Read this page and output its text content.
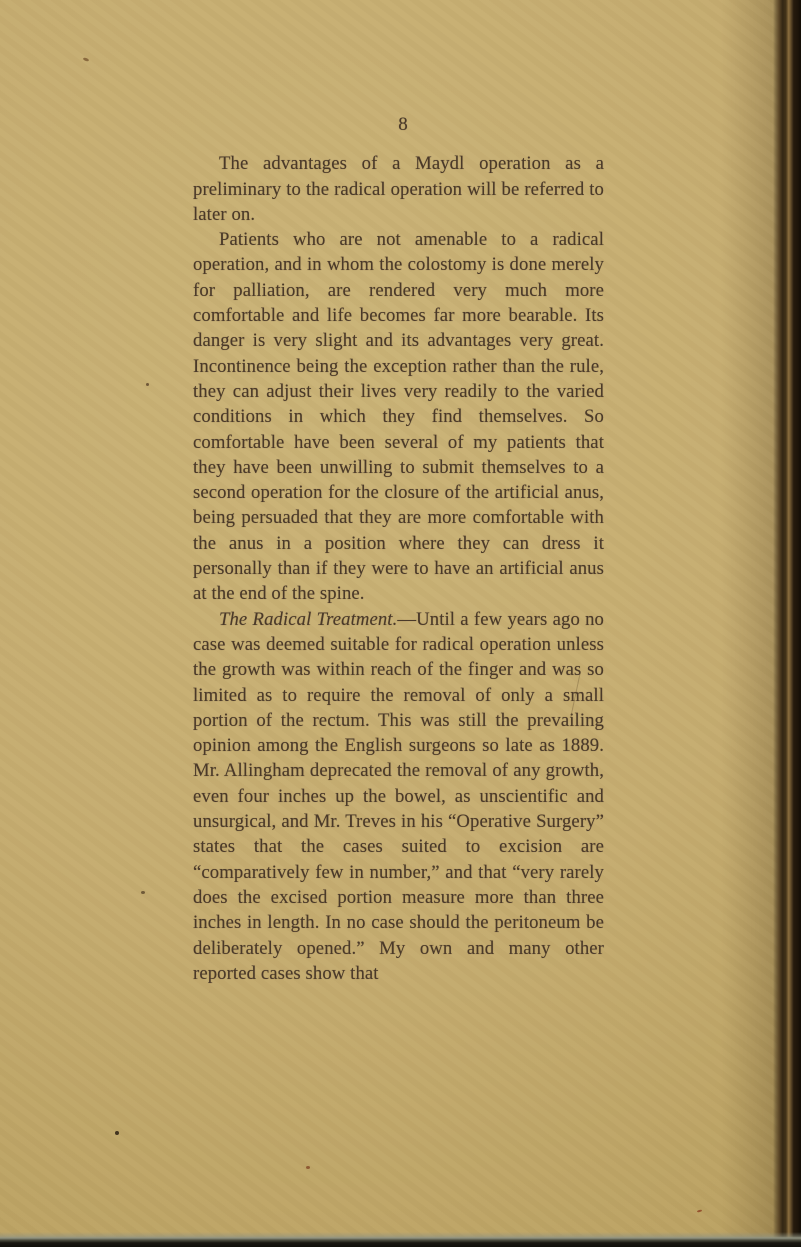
8

The advantages of a Maydl operation as a preliminary to the radical operation will be referred to later on.

Patients who are not amenable to a radical operation, and in whom the colostomy is done merely for palliation, are rendered very much more comfortable and life becomes far more bearable. Its danger is very slight and its advantages very great. Incontinence being the exception rather than the rule, they can adjust their lives very readily to the varied conditions in which they find themselves. So comfortable have been several of my patients that they have been unwilling to submit themselves to a second operation for the closure of the artificial anus, being persuaded that they are more comfortable with the anus in a position where they can dress it personally than if they were to have an artificial anus at the end of the spine.

The Radical Treatment.—Until a few years ago no case was deemed suitable for radical operation unless the growth was within reach of the finger and was so limited as to require the removal of only a small portion of the rectum. This was still the prevailing opinion among the English surgeons so late as 1889. Mr. Allingham deprecated the removal of any growth, even four inches up the bowel, as unscientific and unsurgical, and Mr. Treves in his “Operative Surgery” states that the cases suited to excision are “comparatively few in number,” and that “very rarely does the excised portion measure more than three inches in length. In no case should the peritoneum be deliberately opened.” My own and many other reported cases show that
